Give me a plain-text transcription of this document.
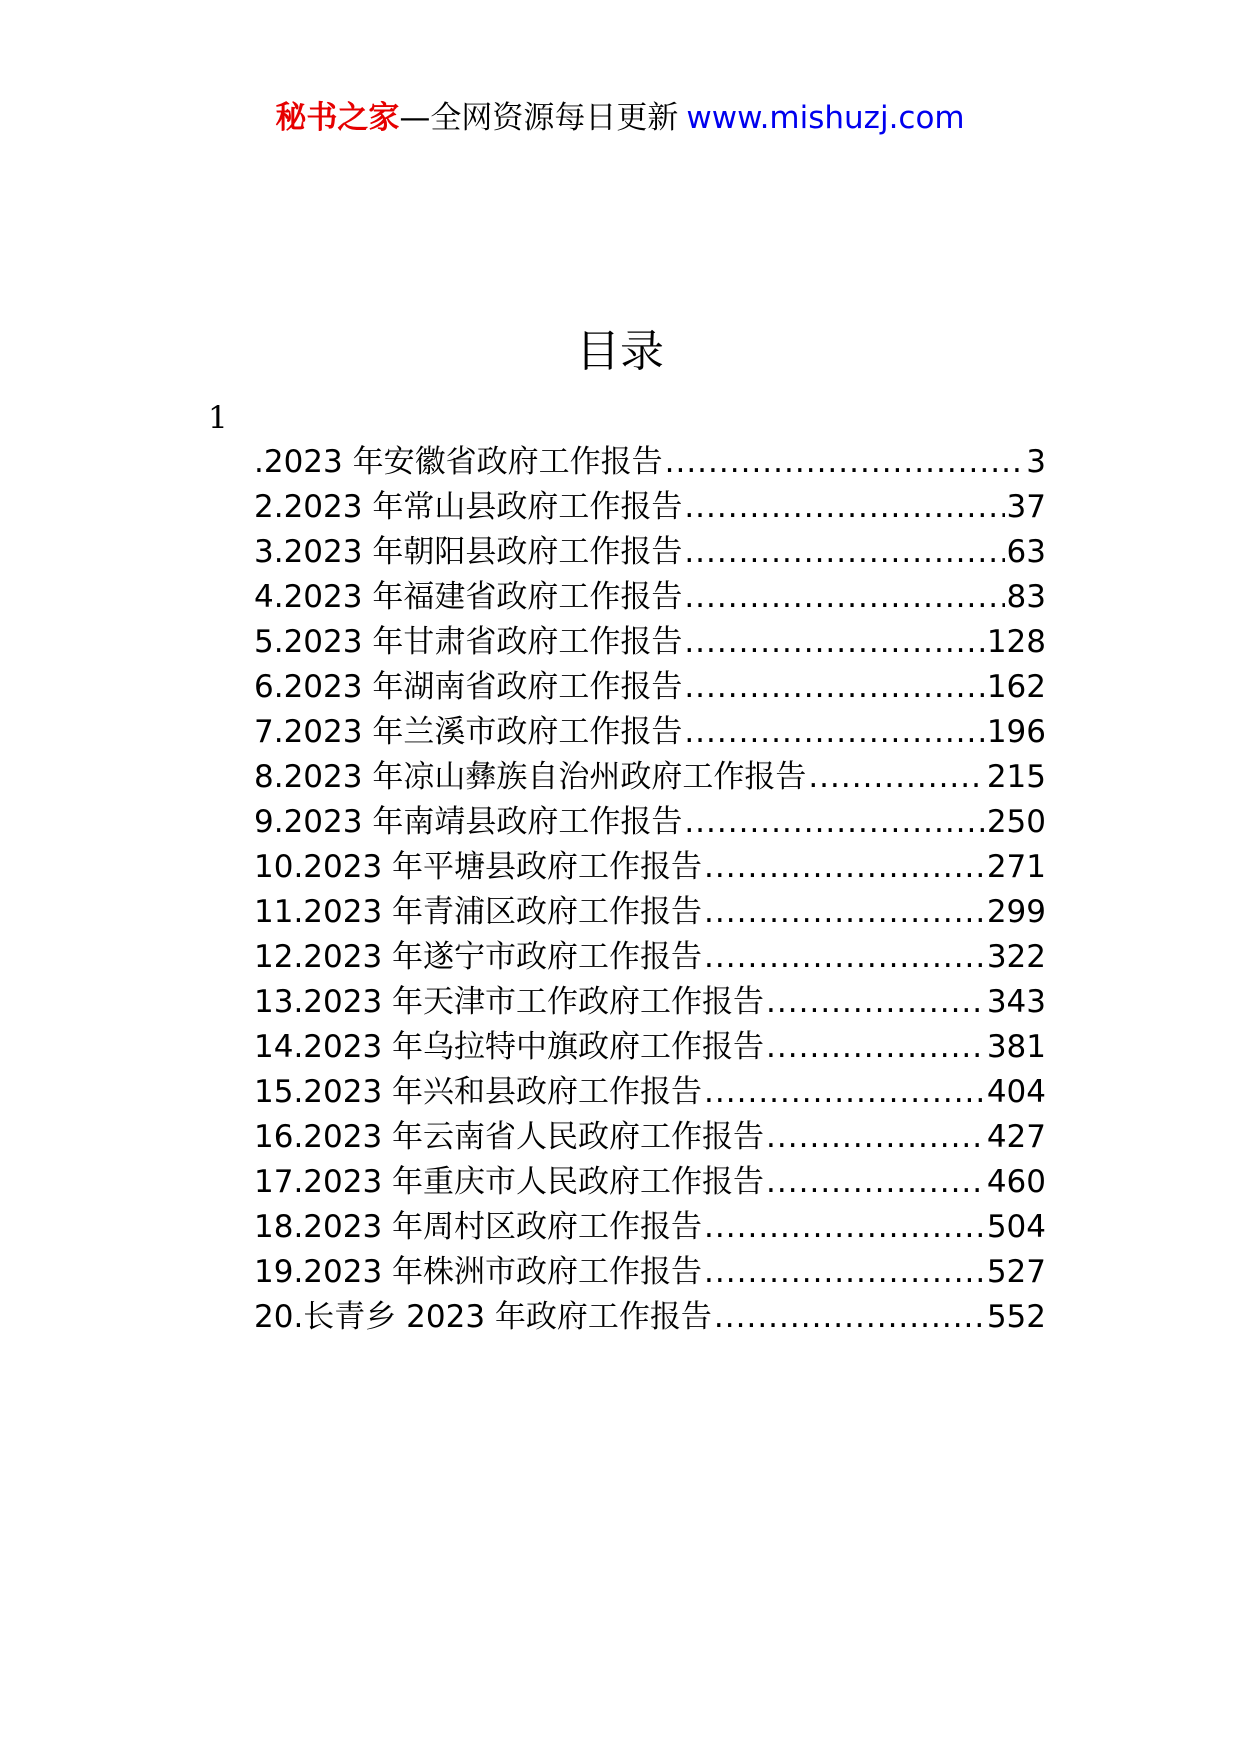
秘书之家—全网资源每日更新 www.mishuzj.com
目录
1
.2023 年安徽省政府工作报告 .....	3
2.2023 年常山县政府工作报告 .....	37
3.2023 年朝阳县政府工作报告 .....	63
4.2023 年福建省政府工作报告 .....	83
5.2023 年甘肃省政府工作报告 .....	128
6.2023 年湖南省政府工作报告 .....	162
7.2023 年兰溪市政府工作报告 .....	196
8.2023 年凉山彝族自治州政府工作报告 .....	215
9.2023 年南靖县政府工作报告 .....	250
10.2023 年平塘县政府工作报告 .....	271
11.2023 年青浦区政府工作报告 .....	299
12.2023 年遂宁市政府工作报告 .....	322
13.2023 年天津市工作政府工作报告 .....	343
14.2023 年乌拉特中旗政府工作报告 .....	381
15.2023 年兴和县政府工作报告 .....	404
16.2023 年云南省人民政府工作报告 .....	427
17.2023 年重庆市人民政府工作报告 .....	460
18.2023 年周村区政府工作报告 .....	504
19.2023 年株洲市政府工作报告 .....	527
20.长青乡 2023 年政府工作报告 .....	552
